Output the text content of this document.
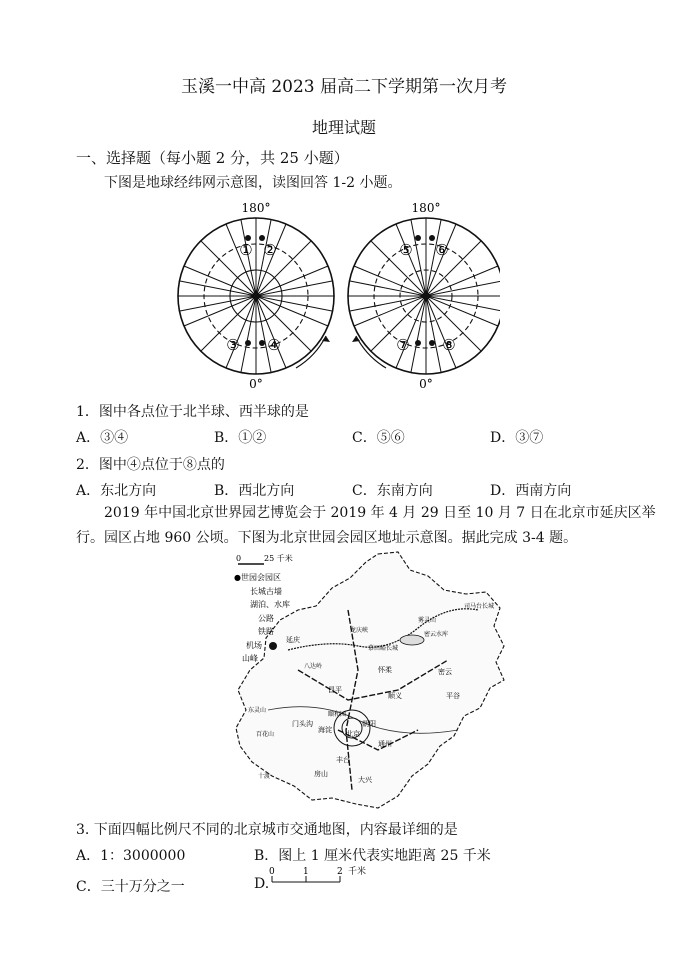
玉溪一中高 2023 届高二下学期第一次月考
地理试题
一、选择题（每小题 2 分，共 25 小题）
下图是地球经纬网示意图，读图回答 1-2 小题。
180°
0°
① ②
③ ④
180°
0°
⑤ ⑥
⑦ ⑧
1．图中各点位于北半球、西半球的是
A．③④	B．①②	C．⑤⑥	D．③⑦
2．图中④点位于⑧点的
A．东北方向	B．西北方向	C．东南方向	D．西南方向
2019 年中国北京世界园艺博览会于 2019 年 4 月 29 日至 10 月 7 日在北京市延庆区举
行。园区占地 960 公顷。下图为北京世园会园区地址示意图。据此完成 3-4 题。
0	25 千米
●世园会园区
长城古墙
湖泊、水库
公路
铁路
机场
山峰
龙庆峡
延庆
司马台长城
雾灵山
密云水库
慕田峪长城
怀柔	密云
昌平
八达岭
顺义	平谷
东灵山
百花山
门头沟
海淀 北京
朝阳
通州
丰台
房山
大兴
十渡
颐和园
3. 下面四幅比例尺不同的北京城市交通地图，内容最详细的是
A．1：3000000	B．图上 1 厘米代表实地距离 25 千米
C．三十万分之一	D.
0	1	2 千米
